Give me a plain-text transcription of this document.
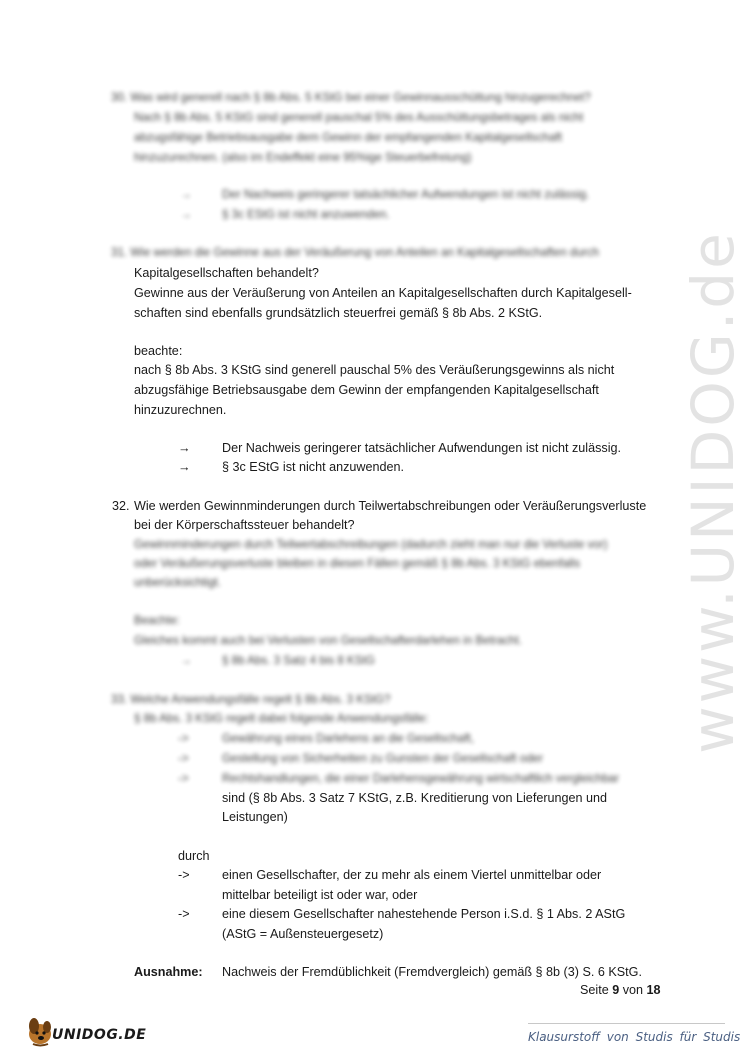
30. Was wird generell nach § 8b Abs. 5 KStG bei einer Gewinnausschüttung hinzugerechnet?
Nach § 8b Abs. 5 KStG sind generell pauschal 5% des Ausschüttungsbetrages als nicht
abzugsfähige Betriebsausgabe dem Gewinn der empfangenden Kapitalgesellschaft
hinzuzurechnen. (also im Endeffekt eine 95%ige Steuerbefreiung)
→	Der Nachweis geringerer tatsächlicher Aufwendungen ist nicht zulässig.
→	§ 3c EStG ist nicht anzuwenden.
31. Wie werden die Gewinne aus der Veräußerung von Anteilen an Kapitalgesellschaften durch
Kapitalgesellschaften behandelt?
Gewinne aus der Veräußerung von Anteilen an Kapitalgesellschaften durch Kapitalgesell-
schaften sind ebenfalls grundsätzlich steuerfrei gemäß § 8b Abs. 2 KStG.
beachte:
nach § 8b Abs. 3 KStG sind generell pauschal 5% des Veräußerungsgewinns als nicht
abzugsfähige Betriebsausgabe dem Gewinn der empfangenden Kapitalgesellschaft
hinzuzurechnen.
→ Der Nachweis geringerer tatsächlicher Aufwendungen ist nicht zulässig.
→ § 3c EStG ist nicht anzuwenden.
32. Wie werden Gewinnminderungen durch Teilwertabschreibungen oder Veräußerungsverluste
bei der Körperschaftssteuer behandelt?
Gewinnminderungen durch Teilwertabschreibungen (dadurch zieht man nur die Verluste vor)
oder Veräußerungsverluste bleiben in diesen Fällen gemäß § 8b Abs. 3 KStG ebenfalls
unberücksichtigt.
Beachte:
Gleiches kommt auch bei Verlusten von Gesellschafterdarlehen in Betracht.
→	§ 8b Abs. 3 Satz 4 bis 8 KStG
33. Welche Anwendungsfälle regelt § 8b Abs. 3 KStG?
§ 8b Abs. 3 KStG regelt dabei folgende Anwendungsfälle:
->	Gewährung eines Darlehens an die Gesellschaft,
->	Gestellung von Sicherheiten zu Gunsten der Gesellschaft oder
->	Rechtshandlungen, die einer Darlehensgewährung wirtschaftlich vergleichbar
sind (§ 8b Abs. 3 Satz 7 KStG, z.B. Kreditierung von Lieferungen und
Leistungen)
durch
->	einen Gesellschafter, der zu mehr als einem Viertel unmittelbar oder
mittelbar beteiligt ist oder war, oder
->	eine diesem Gesellschafter nahestehende Person i.S.d. § 1 Abs. 2 AStG
(AStG = Außensteuergesetz)
Ausnahme: Nachweis der Fremdüblichkeit (Fremdvergleich) gemäß § 8b (3) S. 6 KStG.
Seite 9 von 18
www.UNIDOG.de
UNIDOG.DE	Klausurstoff von Studis für Studis
